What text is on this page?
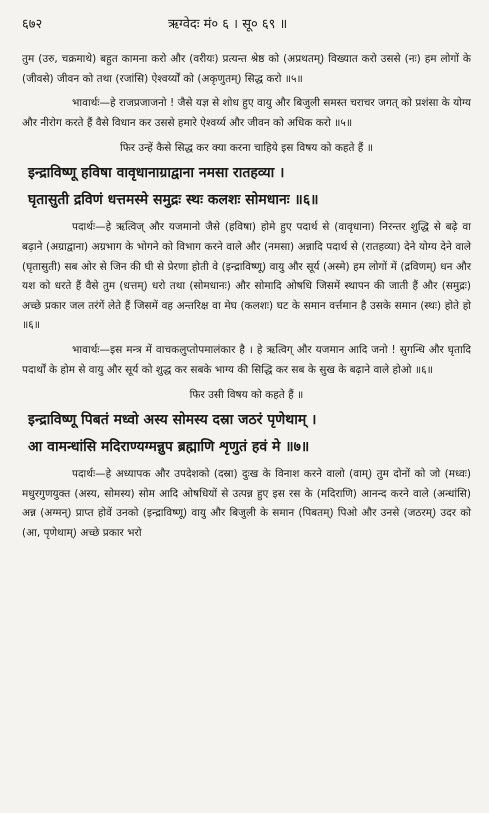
६७२	ऋग्वेदः मं० ६ । सू० ६९ ॥

तुम (उरु, चक्रमाथे) बहुत कामना करो और (वरीयः) प्रत्यन्त श्रेष्ठ को (अप्रथतम्) विख्यात करो उससे (नः) हम लोगों के (जीवसे) जीवन को तथा (रजांसि) ऐश्वर्य्यों को (अकृणुतम्) सिद्ध करो ॥५॥

भावार्थः—हे राजप्रजाजनो ! जैसे यज्ञ से शोध हुए वायु और बिजुली समस्त चराचर जगत् को प्रशंसा के योग्य और नीरोग करते हैं वैसे विधान कर उससे हमारे ऐश्वर्य्य और जीवन को अधिक करो ॥५॥

फिर उन्हें कैसे सिद्ध कर क्या करना चाहिये इस विषय को कहते हैं ॥

इन्द्राविष्णू हविषा वावृधानाग्राद्वाना नमसा रातहव्या ।

घृतासुती द्रविणं धत्तमस्मे समुद्रः स्थः कलशः सोमधानः ॥६॥

पदार्थः—हे ऋत्विज् और यजमानो जैसे (हविषा) होमे हुए पदार्थ से (वावृधाना) निरन्तर शुद्धि से बढ़े वा बढ़ाने (अग्राद्वाना) अग्रभाग के भोगने को विभाग करने वाले और (नमसा) अन्नादि पदार्थ से (रातहव्या) देने योग्य देने वाले (घृतासुती) सब ओर से जिन की घी से प्रेरणा होती वे (इन्द्राविष्णू) वायु और सूर्य (अस्मे) हम लोगों में (द्रविणम्) धन और यश को धरते हैं वैसे तुम (धत्तम्) धरो तथा (सोमधानः) और सोमादि ओषधि जिसमें स्थापन की जाती हैं और (समुद्रः) अच्छे प्रकार जल तरंगें लेते हैं जिसमें वह अन्तरिक्ष वा मेघ (कलशः) घट के समान वर्त्तमान है उसके समान (स्थः) होते हो ॥६॥

भावार्थः—इस मन्त्र में वाचकलुप्तोपमालंकार है । हे ऋत्विग् और यजमान आदि जनो ! सुगन्धि और घृतादि पदार्थों के होम से वायु और सूर्य को शुद्ध कर सबके भाग्य की सिद्धि कर सब के सुख के बढ़ाने वाले होओ ॥६॥

फिर उसी विषय को कहते हैं ॥

इन्द्राविष्णू पिबतं मध्वो अस्य सोमस्य दस्रा जठरं पृणेथाम् ।

आ वामन्धांसि मदिराण्यग्मन्नुप ब्रह्माणि शृणुतं हवं मे ॥७॥

पदार्थः—हे अध्यापक और उपदेशको (दस्रा) दुःख के विनाश करने वालो (वाम्) तुम दोनों को जो (मध्वः) मधुरगुणयुक्त (अस्य, सोमस्य) सोम आदि ओषधियों से उत्पन्न हुए इस रस के (मदिराणि) आनन्द करने वाले (अन्धांसि) अन्न (अग्मन्) प्राप्त होवें उनको (इन्द्राविष्णू) वायु और बिजुली के समान (पिबतम्) पिओ और उनसे (जठरम्) उदर को (आ, पृणेथाम्) अच्छे प्रकार भरो
